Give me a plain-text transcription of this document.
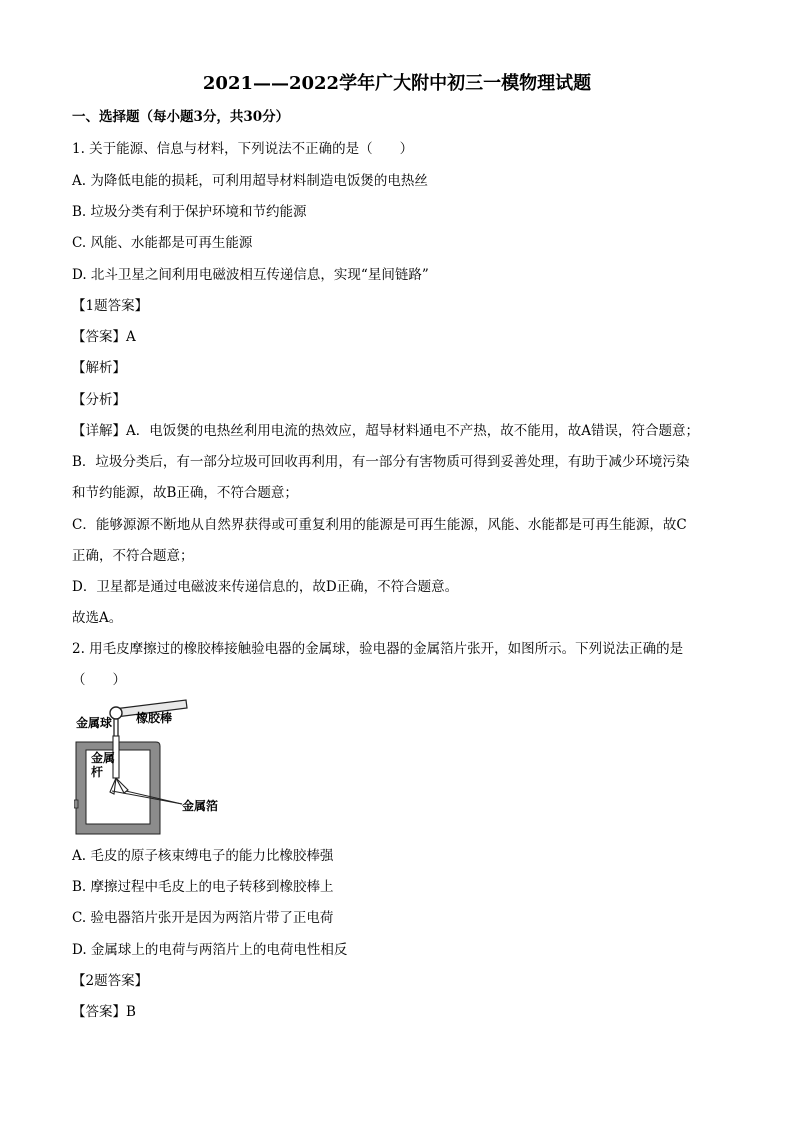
2021——2022学年广大附中初三一模物理试题
一、选择题（每小题3分，共30分）
1. 关于能源、信息与材料，下列说法不正确的是（　　）
A. 为降低电能的损耗，可利用超导材料制造电饭煲的电热丝
B. 垃圾分类有利于保护环境和节约能源
C. 风能、水能都是可再生能源
D. 北斗卫星之间利用电磁波相互传递信息，实现“星间链路”
【1题答案】
【答案】A
【解析】
【分析】
【详解】A．电饭煲的电热丝利用电流的热效应，超导材料通电不产热，故不能用，故A错误，符合题意；
B．垃圾分类后，有一部分垃圾可回收再利用，有一部分有害物质可得到妥善处理，有助于减少环境污染
和节约能源，故B正确，不符合题意；
C．能够源源不断地从自然界获得或可重复利用的能源是可再生能源，风能、水能都是可再生能源，故C
正确，不符合题意；
D．卫星都是通过电磁波来传递信息的，故D正确，不符合题意。
故选A。
2. 用毛皮摩擦过的橡胶棒接触验电器的金属球，验电器的金属箔片张开，如图所示。下列说法正确的是
（　　）
金属球 橡胶棒
金属
杆
金属箔
A. 毛皮的原子核束缚电子的能力比橡胶棒强
B. 摩擦过程中毛皮上的电子转移到橡胶棒上
C. 验电器箔片张开是因为两箔片带了正电荷
D. 金属球上的电荷与两箔片上的电荷电性相反
【2题答案】
【答案】B
